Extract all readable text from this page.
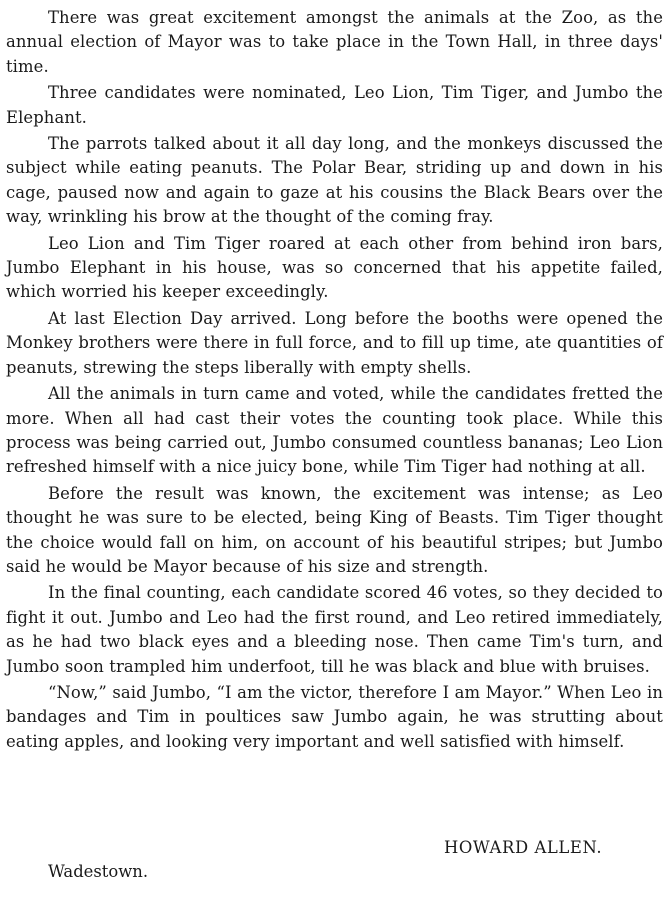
There was great excitement amongst the animals at the Zoo, as the annual election of Mayor was to take place in the Town Hall, in three days' time.

Three candidates were nominated, Leo Lion, Tim Tiger, and Jumbo the Elephant.

The parrots talked about it all day long, and the monkeys discussed the subject while eating peanuts. The Polar Bear, striding up and down in his cage, paused now and again to gaze at his cousins the Black Bears over the way, wrinkling his brow at the thought of the coming fray.

Leo Lion and Tim Tiger roared at each other from behind iron bars, Jumbo Elephant in his house, was so concerned that his appetite failed, which worried his keeper exceedingly.

At last Election Day arrived. Long before the booths were opened the Monkey brothers were there in full force, and to fill up time, ate quantities of peanuts, strewing the steps liberally with empty shells.

All the animals in turn came and voted, while the candidates fretted the more. When all had cast their votes the counting took place. While this process was being carried out, Jumbo consumed countless bananas; Leo Lion refreshed himself with a nice juicy bone, while Tim Tiger had nothing at all.

Before the result was known, the excitement was intense; as Leo thought he was sure to be elected, being King of Beasts. Tim Tiger thought the choice would fall on him, on account of his beautiful stripes; but Jumbo said he would be Mayor because of his size and strength.

In the final counting, each candidate scored 46 votes, so they decided to fight it out. Jumbo and Leo had the first round, and Leo retired immediately, as he had two black eyes and a bleeding nose. Then came Tim's turn, and Jumbo soon trampled him underfoot, till he was black and blue with bruises.

“Now,” said Jumbo, “I am the victor, therefore I am Mayor.” When Leo in bandages and Tim in poultices saw Jumbo again, he was strutting about eating apples, and looking very important and well satisfied with himself.

HOWARD ALLEN.
Wadestown.
